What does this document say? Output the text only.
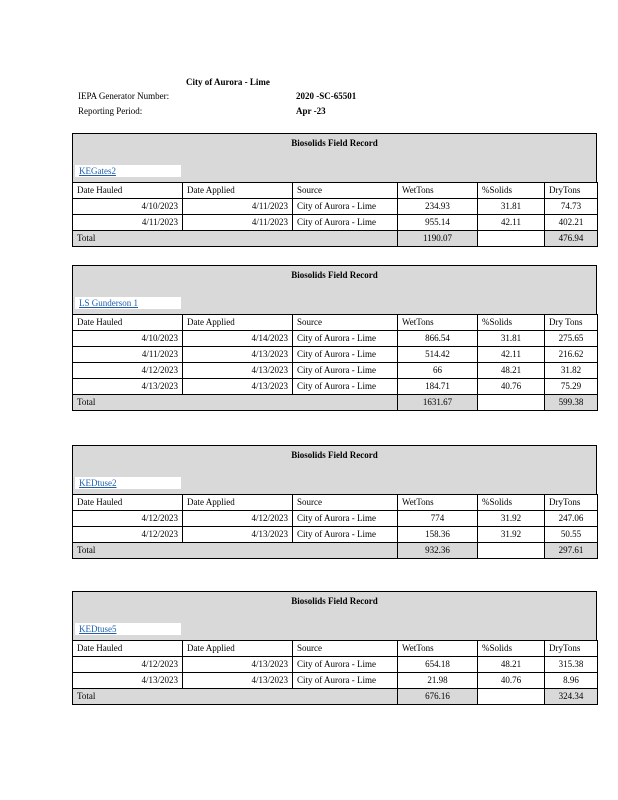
City of Aurora - Lime
IEPA Generator Number:	2020 -SC-65501
Reporting Period:	Apr -23
Biosolids Field Record
KEGates2
Date Hauled	Date Applied	Source	WetTons	%Solids	DryTons
4/10/2023	4/11/2023	City of Aurora - Lime	234.93	31.81	74.73
4/11/2023	4/11/2023	City of Aurora - Lime	955.14	42.11	402.21
Total			1190.07		476.94
Biosolids Field Record
LS Gunderson 1
Date Hauled	Date Applied	Source	WetTons	%Solids	Dry Tons
4/10/2023	4/14/2023	City of Aurora - Lime	866.54	31.81	275.65
4/11/2023	4/13/2023	City of Aurora - Lime	514.42	42.11	216.62
4/12/2023	4/13/2023	City of Aurora - Lime	66	48.21	31.82
4/13/2023	4/13/2023	City of Aurora - Lime	184.71	40.76	75.29
Total			1631.67		599.38
Biosolids Field Record
KEDtuse2
Date Hauled	Date Applied	Source	WetTons	%Solids	DryTons
4/12/2023	4/12/2023	City of Aurora - Lime	774	31.92	247.06
4/12/2023	4/13/2023	City of Aurora - Lime	158.36	31.92	50.55
Total			932.36		297.61
Biosolids Field Record
KEDtuse5
Date Hauled	Date Applied	Source	WetTons	%Solids	DryTons
4/12/2023	4/13/2023	City of Aurora - Lime	654.18	48.21	315.38
4/13/2023	4/13/2023	City of Aurora - Lime	21.98	40.76	8.96
Total			676.16		324.34
